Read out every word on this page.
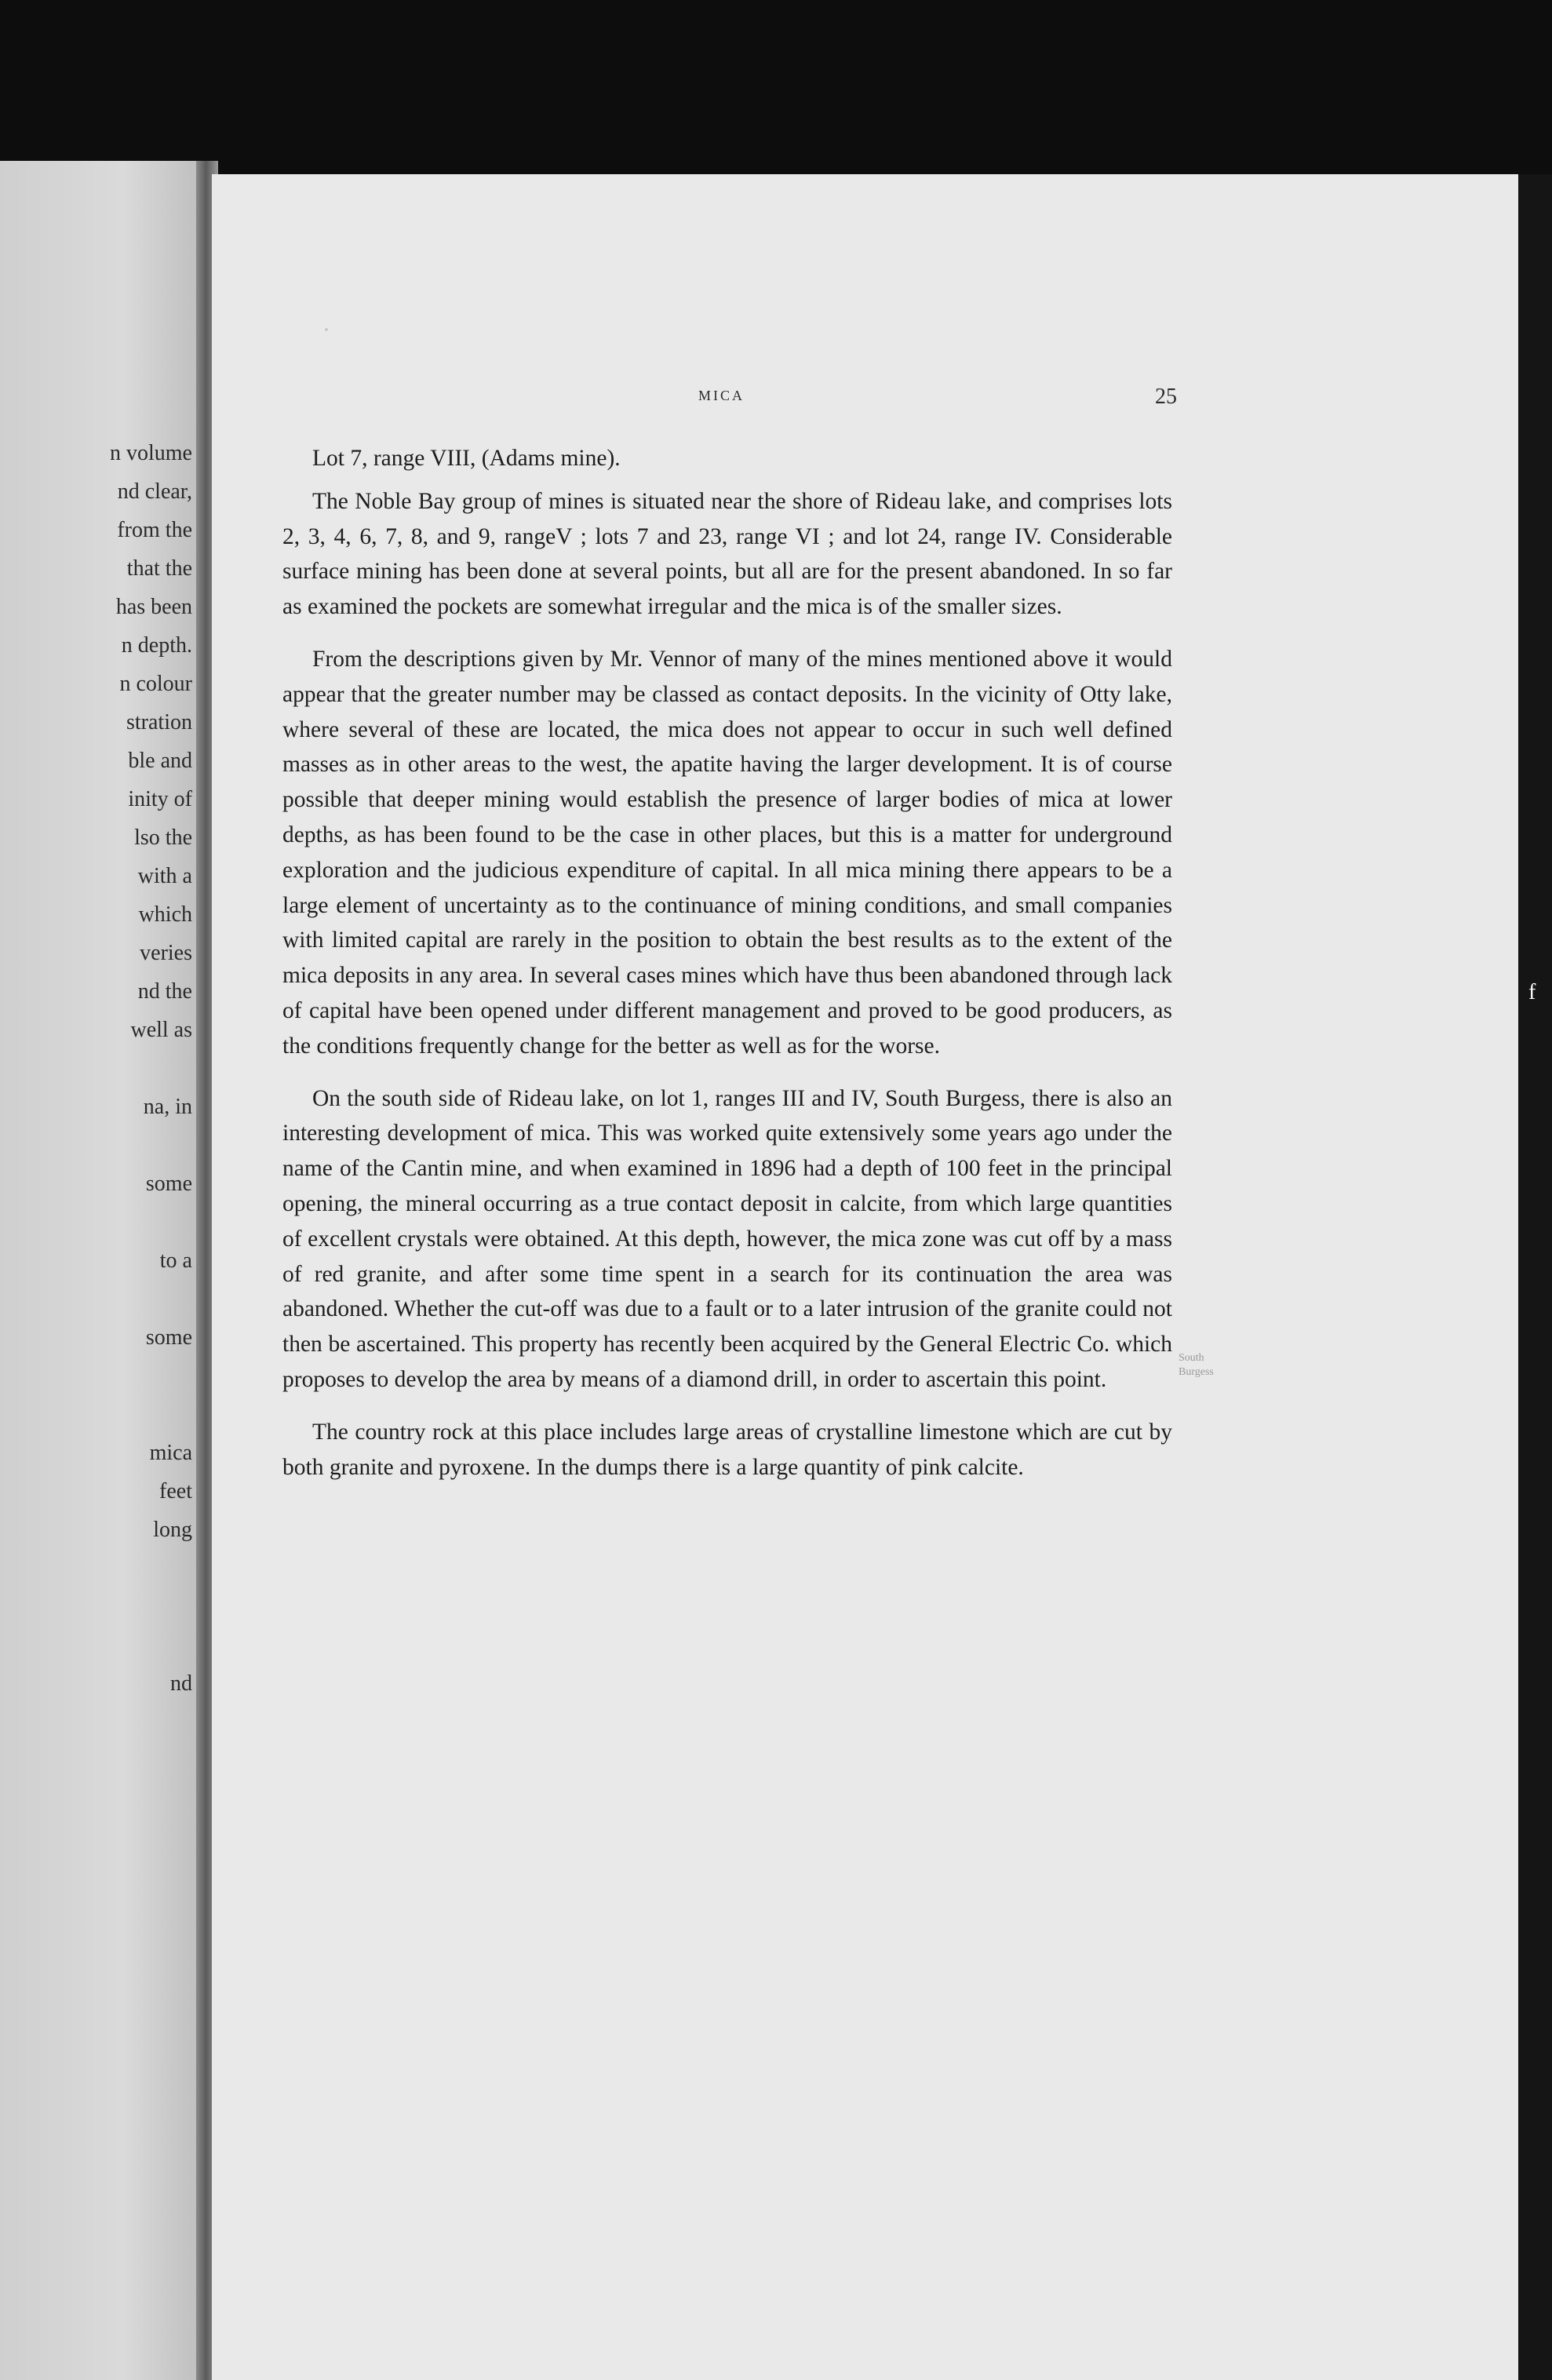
n volume
nd clear,
from the
that the
has been
n depth.
n colour
stration
ble and
inity of
lso the
with a
which
veries
nd the
well as
na, in
some
to a
some
mica
feet
long
nd
MICA	25

Lot 7, range VIII, (Adams mine).

The Noble Bay group of mines is situated near the shore of Rideau lake, and comprises lots 2, 3, 4, 6, 7, 8, and 9, rangeV ; lots 7 and 23, range VI ; and lot 24, range IV. Considerable surface mining has been done at several points, but all are for the present abandoned. In so far as examined the pockets are somewhat irregular and the mica is of the smaller sizes.

From the descriptions given by Mr. Vennor of many of the mines mentioned above it would appear that the greater number may be classed as contact deposits. In the vicinity of Otty lake, where several of these are located, the mica does not appear to occur in such well defined masses as in other areas to the west, the apatite having the larger development. It is of course possible that deeper mining would establish the presence of larger bodies of mica at lower depths, as has been found to be the case in other places, but this is a matter for underground exploration and the judicious expenditure of capital. In all mica mining there appears to be a large element of uncertainty as to the continuance of mining conditions, and small companies with limited capital are rarely in the position to obtain the best results as to the extent of the mica deposits in any area. In several cases mines which have thus been abandoned through lack of capital have been opened under different management and proved to be good producers, as the conditions frequently change for the better as well as for the worse.

On the south side of Rideau lake, on lot 1, ranges III and IV, South Burgess, there is also an interesting development of mica. This was worked quite extensively some years ago under the name of the Cantin mine, and when examined in 1896 had a depth of 100 feet in the principal opening, the mineral occurring as a true contact deposit in calcite, from which large quantities of excellent crystals were obtained. At this depth, however, the mica zone was cut off by a mass of red granite, and after some time spent in a search for its continuation the area was abandoned. Whether the cut-off was due to a fault or to a later intrusion of the granite could not then be ascertained. This property has recently been acquired by the General Electric Co. which proposes to develop the area by means of a diamond drill, in order to ascertain this point.

The country rock at this place includes large areas of crystalline limestone which are cut by both granite and pyroxene. In the dumps there is a large quantity of pink calcite.

South
Burgess
f
